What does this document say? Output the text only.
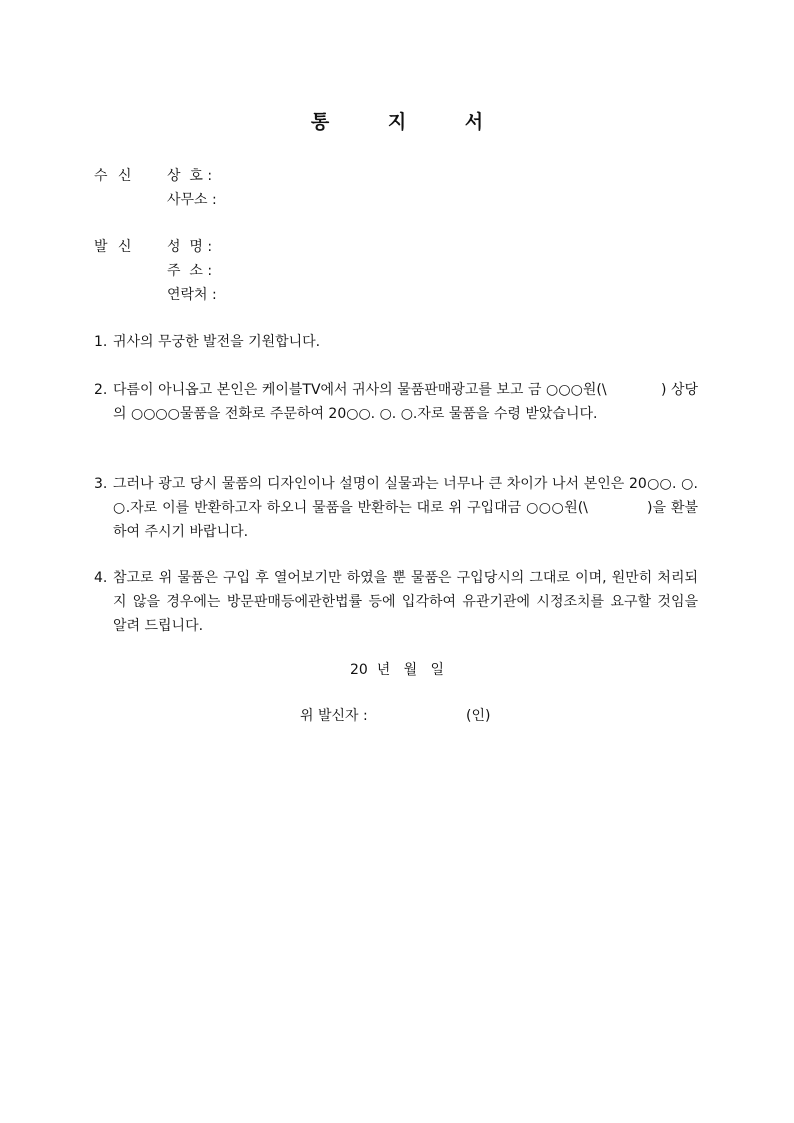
통 지 서
수 신	상  호 :
사무소 :
발 신	성  명 :
주  소 :
연락처 :
1. 귀사의 무궁한 발전을 기원합니다.
2. 다름이 아니옵고 본인은 케이블TV에서 귀사의 물품판매광고를 보고 금 ○○○원(\            ) 상당의 ○○○○물품을 전화로 주문하여 20○○. ○. ○.자로 물품을 수령 받았습니다.
3. 그러나 광고 당시 물품의 디자인이나 설명이 실물과는 너무나 큰 차이가 나서 본인은 20○○. ○. ○.자로 이를 반환하고자 하오니 물품을 반환하는 대로 위 구입대금 ○○○원(\            )을 환불하여 주시기 바랍니다.
4. 참고로 위 물품은 구입 후 열어보기만 하였을 뿐 물품은 구입당시의 그대로 이며, 원만히 처리되지 않을 경우에는 방문판매등에관한법률 등에 입각하여 유관기관에 시정조치를 요구할 것임을 알려 드립니다.
20  년   월   일
위 발신자 :	(인)
